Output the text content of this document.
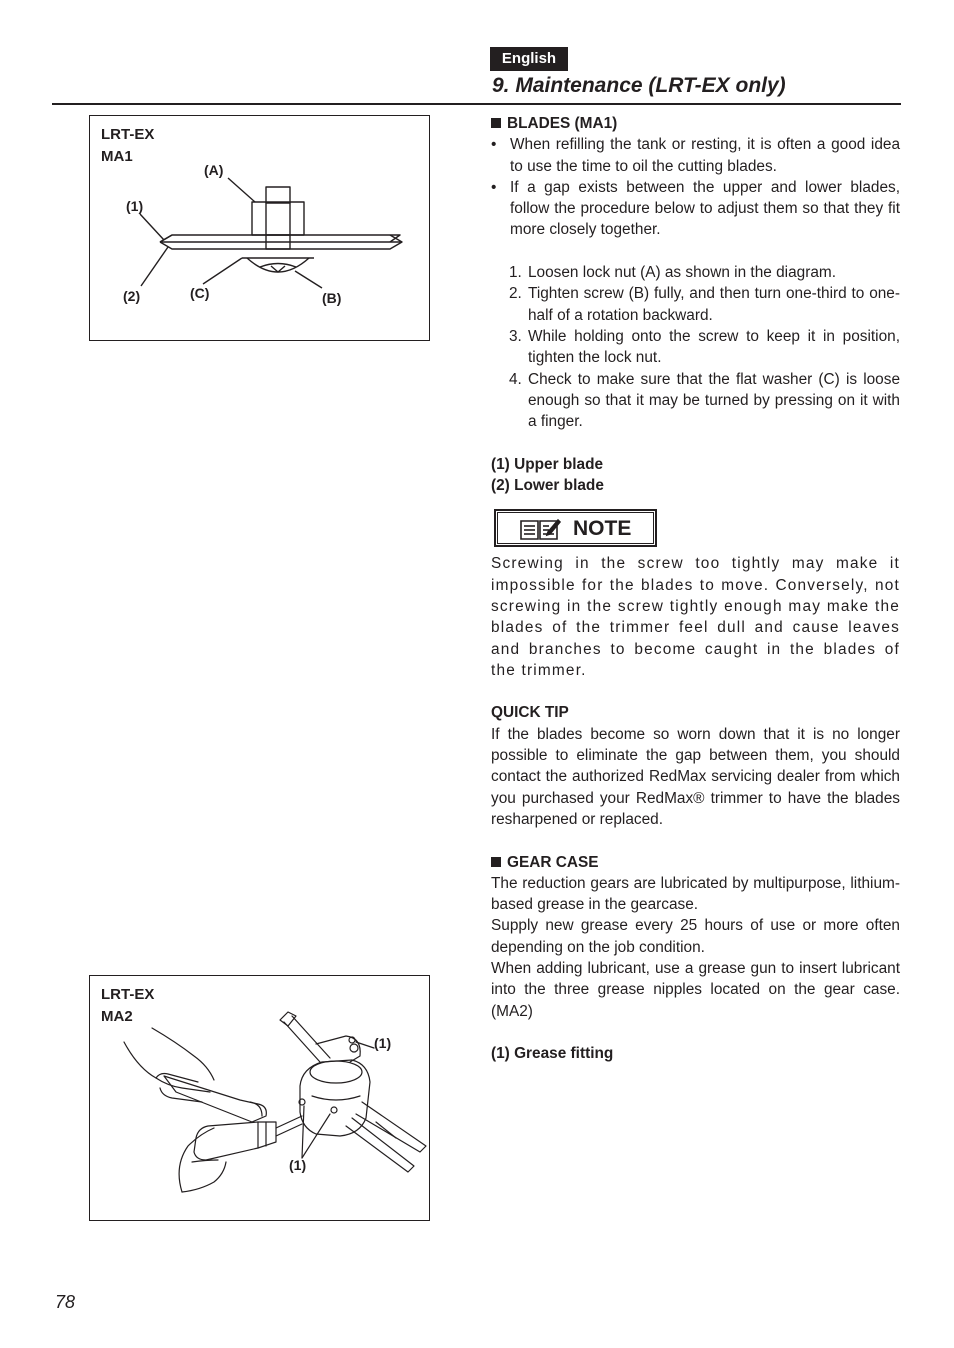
English
9. Maintenance (LRT-EX only)
LRT-EX
MA1
(A)
(1)
(2)	(C)	(B)

BLADES (MA1)

• When refilling the tank or resting, it is often a good idea to use the time to oil the cutting blades.
• If a gap exists between the upper and lower blades, follow the procedure below to adjust them so that they fit more closely together.
1. Loosen lock nut (A) as shown in the diagram.
2. Tighten screw (B) fully, and then turn one-third to one-half of a rotation backward.
3. While holding onto the screw to keep it in position, tighten the lock nut.
4. Check to make sure that the flat washer (C) is loose enough so that it may be turned by pressing on it with a finger.

(1) Upper blade

(2) Lower blade

NOTE

Screwing in the screw too tightly may make it impossible for the blades to move. Conversely, not screwing in the screw tightly enough may make the blades of the trimmer feel dull and cause leaves and branches to become caught in the blades of the trimmer.

QUICK TIP

If the blades become so worn down that it is no longer possible to eliminate the gap between them, you should contact the authorized RedMax servicing dealer from which you purchased your RedMax® trimmer to have the blades resharpened or replaced.

GEAR CASE

The reduction gears are lubricated by multipurpose, lithium-based grease in the gearcase.

Supply new grease every 25 hours of use or more often depending on the job condition.

When adding lubricant, use a grease gun to insert lubricant into the three grease nipples located on the gear case. (MA2)

(1) Grease fitting

LRT-EX
MA2
(1)
(1)
78
